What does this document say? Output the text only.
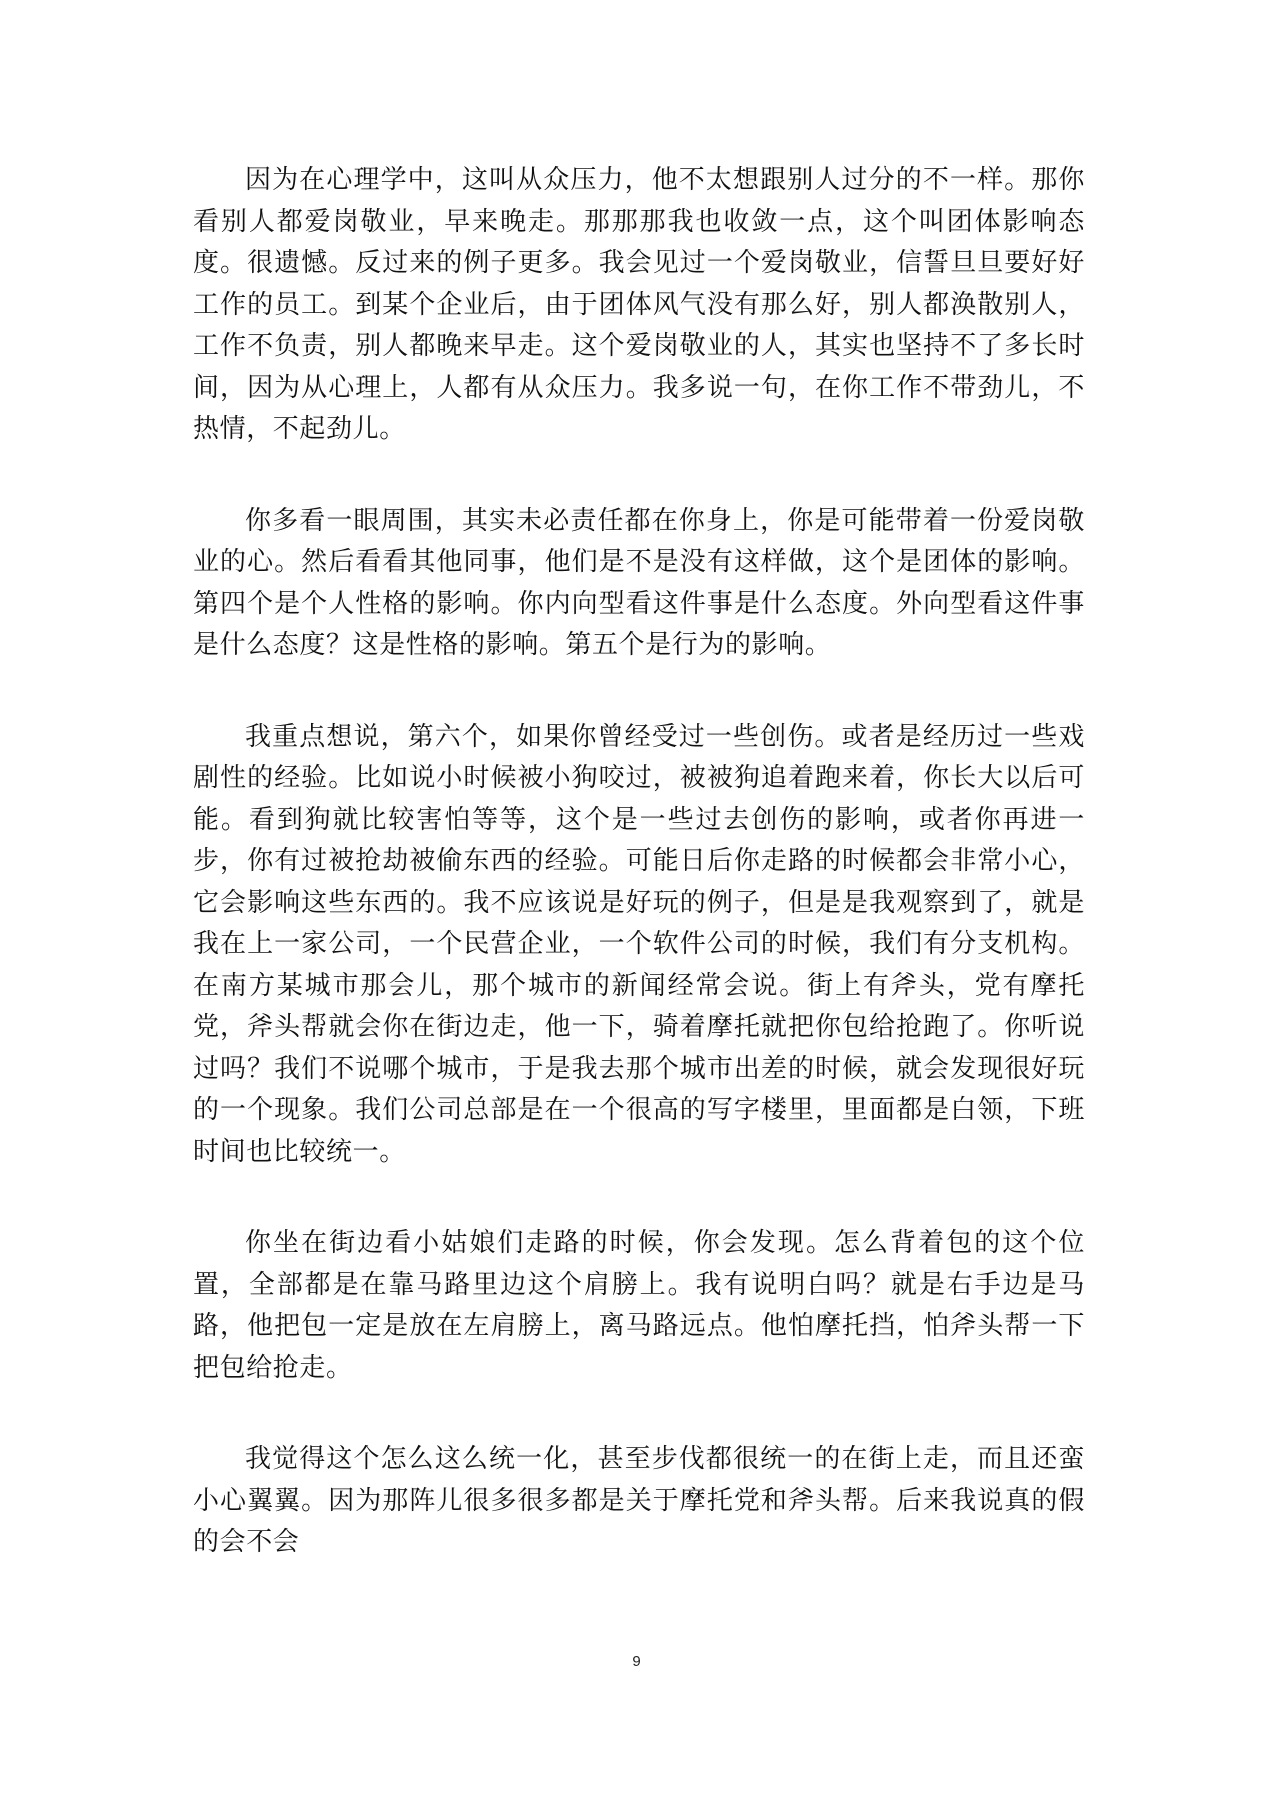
因为在心理学中，这叫从众压力，他不太想跟别人过分的不一样。那你看别人都爱岗敬业，早来晚走。那那那我也收敛一点，这个叫团体影响态度。很遗憾。反过来的例子更多。我会见过一个爱岗敬业，信誓旦旦要好好工作的员工。到某个企业后，由于团体风气没有那么好，别人都涣散别人，工作不负责，别人都晚来早走。这个爱岗敬业的人，其实也坚持不了多长时间，因为从心理上，人都有从众压力。我多说一句，在你工作不带劲儿，不热情，不起劲儿。

你多看一眼周围，其实未必责任都在你身上，你是可能带着一份爱岗敬业的心。然后看看其他同事，他们是不是没有这样做，这个是团体的影响。第四个是个人性格的影响。你内向型看这件事是什么态度。外向型看这件事是什么态度？这是性格的影响。第五个是行为的影响。

我重点想说，第六个，如果你曾经受过一些创伤。或者是经历过一些戏剧性的经验。比如说小时候被小狗咬过，被被狗追着跑来着，你长大以后可能。看到狗就比较害怕等等，这个是一些过去创伤的影响，或者你再进一步，你有过被抢劫被偷东西的经验。可能日后你走路的时候都会非常小心，它会影响这些东西的。我不应该说是好玩的例子，但是是我观察到了，就是我在上一家公司，一个民营企业，一个软件公司的时候，我们有分支机构。在南方某城市那会儿，那个城市的新闻经常会说。街上有斧头，党有摩托党，斧头帮就会你在街边走，他一下，骑着摩托就把你包给抢跑了。你听说过吗？我们不说哪个城市，于是我去那个城市出差的时候，就会发现很好玩的一个现象。我们公司总部是在一个很高的写字楼里，里面都是白领，下班时间也比较统一。

你坐在街边看小姑娘们走路的时候，你会发现。怎么背着包的这个位置，全部都是在靠马路里边这个肩膀上。我有说明白吗？就是右手边是马路，他把包一定是放在左肩膀上，离马路远点。他怕摩托挡，怕斧头帮一下把包给抢走。

我觉得这个怎么这么统一化，甚至步伐都很统一的在街上走，而且还蛮小心翼翼。因为那阵儿很多很多都是关于摩托党和斧头帮。后来我说真的假的会不会

9
